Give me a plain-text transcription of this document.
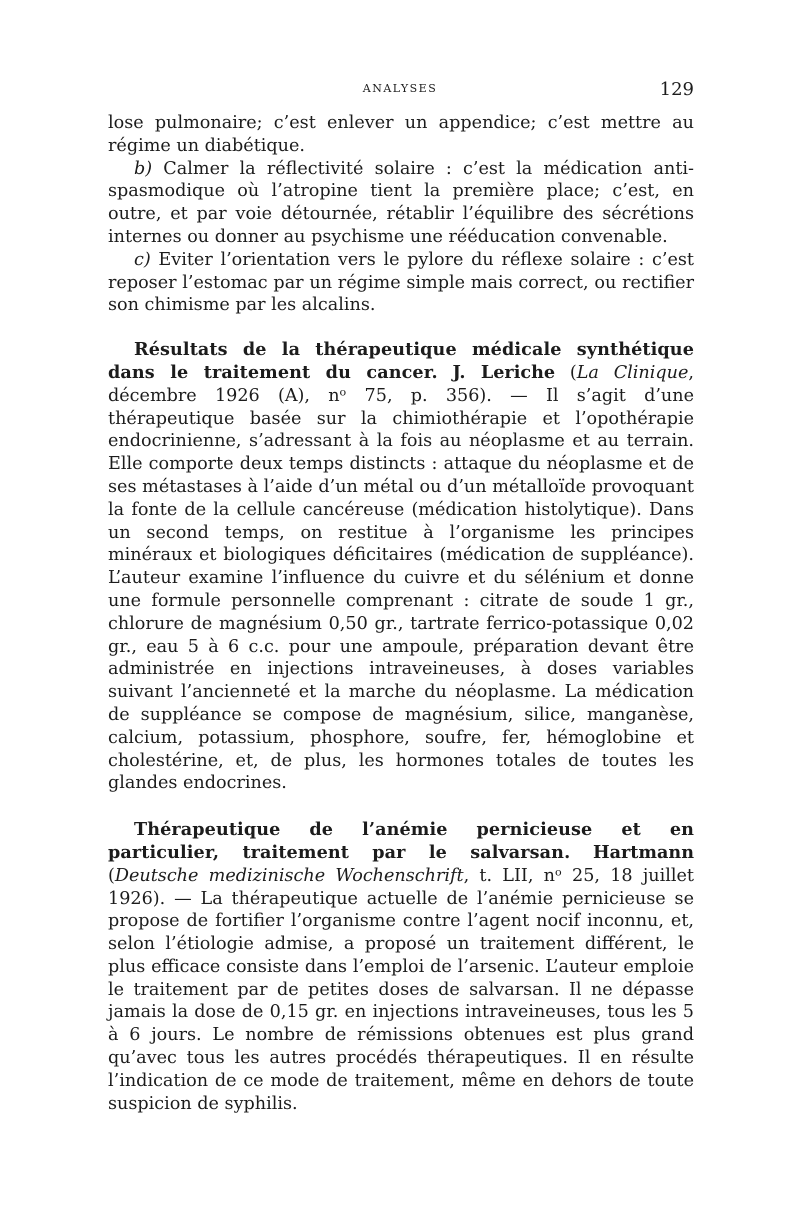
ANALYSES	129

lose pulmonaire; c’est enlever un appendice; c’est mettre au régime un diabétique.

b) Calmer la réflectivité solaire : c’est la médication anti-spasmodique où l’atropine tient la première place; c’est, en outre, et par voie détournée, rétablir l’équilibre des sécrétions internes ou donner au psychisme une rééducation convenable.

c) Eviter l’orientation vers le pylore du réflexe solaire : c’est reposer l’estomac par un régime simple mais correct, ou rectifier son chimisme par les alcalins.

Résultats de la thérapeutique médicale synthétique dans le traitement du cancer. J. Leriche (La Clinique, décembre 1926 (A), nᵒ 75, p. 356). — Il s’agit d’une thérapeutique basée sur la chimiothérapie et l’opothérapie endocrinienne, s’adressant à la fois au néoplasme et au terrain. Elle comporte deux temps distincts : attaque du néoplasme et de ses métastases à l’aide d’un métal ou d’un métalloïde provoquant la fonte de la cellule cancéreuse (médication histolytique). Dans un second temps, on restitue à l’organisme les principes minéraux et biologiques déficitaires (médication de suppléance). L’auteur examine l’influence du cuivre et du sélénium et donne une formule personnelle comprenant : citrate de soude 1 gr., chlorure de magnésium 0,50 gr., tartrate ferrico-potassique 0,02 gr., eau 5 à 6 c.c. pour une ampoule, préparation devant être administrée en injections intraveineuses, à doses variables suivant l’ancienneté et la marche du néoplasme. La médication de suppléance se compose de magnésium, silice, manganèse, calcium, potassium, phosphore, soufre, fer, hémoglobine et cholestérine, et, de plus, les hormones totales de toutes les glandes endocrines.

Thérapeutique de l’anémie pernicieuse et en particulier, traitement par le salvarsan. Hartmann (Deutsche medizinische Wochenschrift, t. LII, nᵒ 25, 18 juillet 1926). — La thérapeutique actuelle de l’anémie pernicieuse se propose de fortifier l’organisme contre l’agent nocif inconnu, et, selon l’étiologie admise, a proposé un traitement différent, le plus efficace consiste dans l’emploi de l’arsenic. L’auteur emploie le traitement par de petites doses de salvarsan. Il ne dépasse jamais la dose de 0,15 gr. en injections intraveineuses, tous les 5 à 6 jours. Le nombre de rémissions obtenues est plus grand qu’avec tous les autres procédés thérapeutiques. Il en résulte l’indication de ce mode de traitement, même en dehors de toute suspicion de syphilis.
